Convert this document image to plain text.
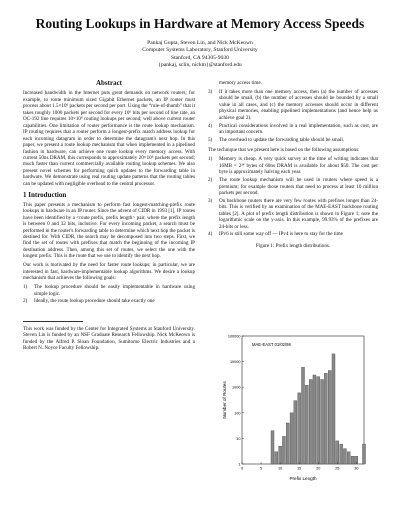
Routing Lookups in Hardware at Memory Access Speeds
Pankaj Gupta, Steven Lin, and Nick McKeown
Computer Systems Laboratory, Stanford University
Stanford, CA 94305-9030
{pankaj, sclin, nickm}@stanford.edu

Abstract

Increased bandwidth in the Internet puts great demands on network routers; for example, to route minimum sized Gigabit Ethernet packets, an IP router must process about 1.5×10⁶ packets per second per port. Using the “rule-of-thumb” that it takes roughly 1000 packets per second for every 10⁶ bits per second of line rate, an OC-192 line requires 10×10⁶ routing lookups per second; well above current router capabilities. One limitation of router performance is the route lookup mechanism. IP routing requires that a router perform a longest-prefix match address lookup for each incoming datagram in order to determine the datagram's next hop. In this paper, we present a route lookup mechanism that when implemented in a pipelined fashion in hardware, can achieve one route lookup every memory access. With current 50ns DRAM, this corresponds to approximately 20×10⁶ packets per second; much faster than current commercially available routing lookup schemes. We also present novel schemes for performing quick updates to the forwarding table in hardware. We demonstrate using real routing update patterns that the routing tables can be updated with negligible overhead to the central processor.

1 Introduction

This paper presents a mechanism to perform fast longest-matching-prefix route lookups in hardware in an IP router. Since the advent of CIDR in 1993 [1], IP routes have been identified by a <route prefix, prefix length> pair, where the prefix length is between 0 and 32 bits, inclusive. For every incoming packet, a search must be performed in the router's forwarding table to determine which next hop the packet is destined for. With CIDR, the search may be decomposed into two steps. First, we find the set of routes with prefixes that match the beginning of the incoming IP destination address. Then, among this set of routes, we select the one with the longest prefix. This is the route that we use to identify the next hop.

Our work is motivated by the need for faster route lookups; in particular, we are interested in fast, hardware-implementable lookup algorithms. We desire a lookup mechanism that achieves the following goals:

1)	The lookup procedure should be easily implementable in hardware using simple logic.
2)	Ideally, the route lookup procedure should take exactly one

This work was funded by the Center for Integrated Systems at Stanford University. Steven Lin is funded by an NSF Graduate Research Fellowship. Nick McKeown is funded by the Alfred P. Sloan Foundation, Sumitomo Electric Industries and a Robert N. Noyce Faculty Fellowship.

memory access time.

3)	If it takes more than one memory access, then (a) the number of accesses should be small, (b) the number of accesses should be bounded by a small value in all cases, and (c) the memory accesses should occur in different physical memories, enabling pipelined implementations (and hence help us achieve goal 2).
4)	Practical considerations involved in a real implementation, such as cost, are an important concern.
5)	The overhead to update the forwarding table should be small.

The technique that we present here is based on the following assumptions:

1)	Memory is cheap. A very quick survey at the time of writing indicates that 16MB = 2²⁴ bytes of 60ns DRAM is available for about $50. The cost per byte is approximately halving each year.
2)	The route lookup mechanism will be used in routers where speed is a premium; for example those routers that need to process at least 10 million packets per second.
3)	On backbone routers there are very few routes with prefixes longer than 24-bits. This is verified by an examination of the MAE-EAST backbone routing tables [2]. A plot of prefix length distribution is shown in Figure 1; note the logarithmic scale on the y-axis. In this example, 99.93% of the prefixes are 24-bits or less.
4)	IPv6 is still some way off — IPv4 is here to stay for the time

Figure 1: Prefix length distributions.

MAE-EAST 01/02/98
1
10
100
1000
10000
100000
0	5	10	15	20	25	30
Prefix Length
Number of Routes
